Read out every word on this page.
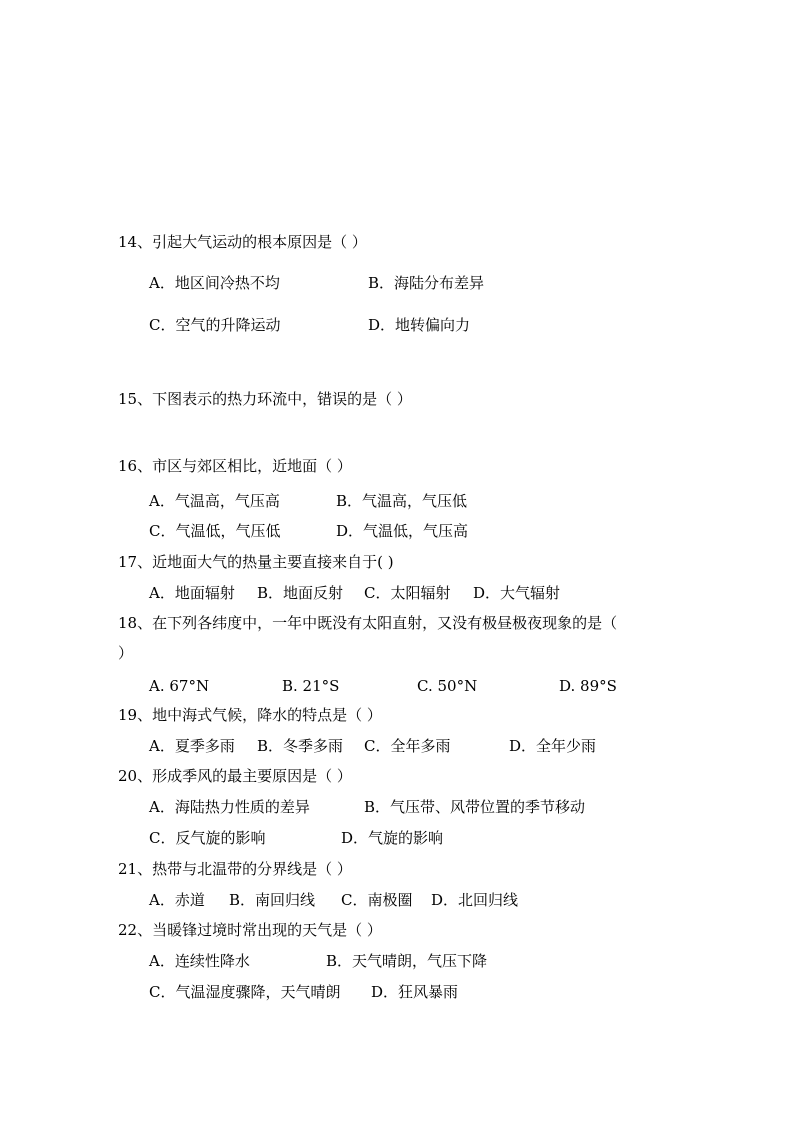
14、引起大气运动的根本原因是（ ）
A．地区间冷热不均	B．海陆分布差异
C．空气的升降运动	D．地转偏向力
15、下图表示的热力环流中，错误的是（ ）
16、市区与郊区相比，近地面（ ）
A．气温高，气压高	B．气温高，气压低
C．气温低，气压低	D．气温低，气压高
17、近地面大气的热量主要直接来自于( )
A．地面辐射 B．地面反射 C．太阳辐射 D．大气辐射
18、在下列各纬度中，一年中既没有太阳直射，又没有极昼极夜现象的是（
）
A. 67°N	B. 21°S	C. 50°N	D. 89°S
19、地中海式气候，降水的特点是（ ）
A．夏季多雨 B．冬季多雨 C．全年多雨	D．全年少雨
20、形成季风的最主要原因是（ ）
A．海陆热力性质的差异	B．气压带、风带位置的季节移动
C．反气旋的影响	D．气旋的影响
21、热带与北温带的分界线是（ ）
A．赤道 B．南回归线 C．南极圈 D．北回归线
22、当暖锋过境时常出现的天气是（ ）
A．连续性降水	B．天气晴朗，气压下降
C．气温湿度骤降，天气晴朗 D．狂风暴雨
